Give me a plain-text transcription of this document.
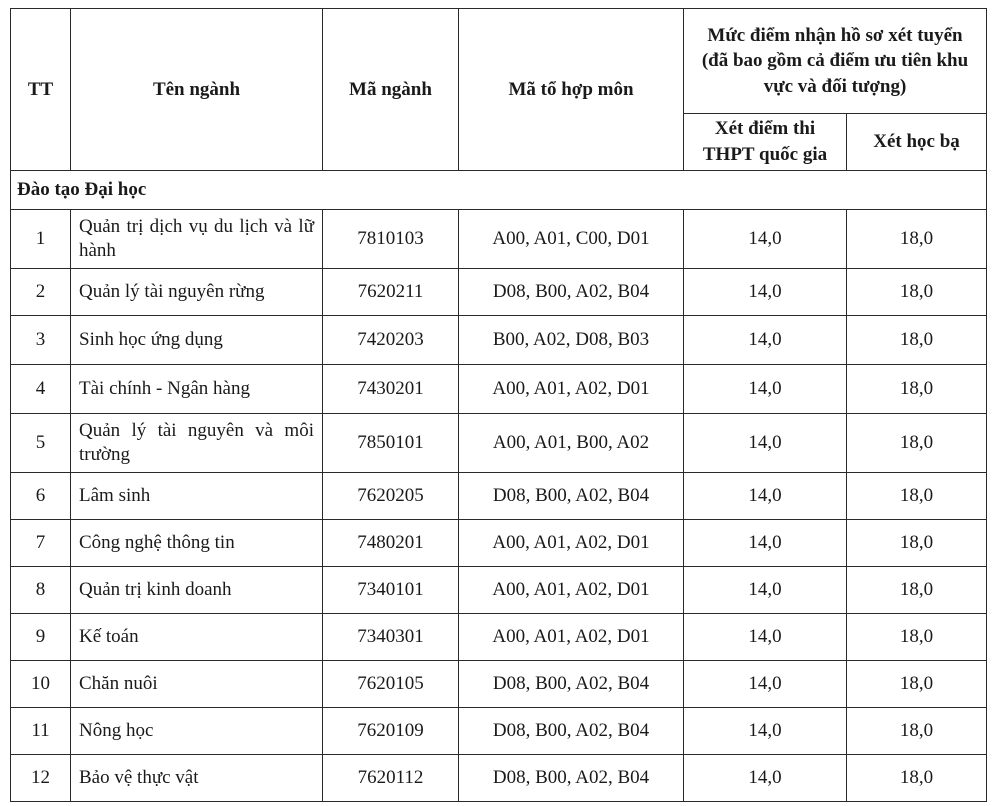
TT	Tên ngành	Mã ngành	Mã tổ hợp môn	Mức điểm nhận hồ sơ xét tuyển (đã bao gồm cả điểm ưu tiên khu vực và đối tượng)	
				Xét điểm thi THPT quốc gia	Xét học bạ
Đào tạo Đại học					
1	Quản trị dịch vụ du lịch và lữ hành	7810103	A00, A01, C00, D01	14,0	18,0
2	Quản lý tài nguyên rừng	7620211	D08, B00, A02, B04	14,0	18,0
3	Sinh học ứng dụng	7420203	B00, A02, D08, B03	14,0	18,0
4	Tài chính - Ngân hàng	7430201	A00, A01, A02, D01	14,0	18,0
5	Quản lý tài nguyên và môi trường	7850101	A00, A01, B00, A02	14,0	18,0
6	Lâm sinh	7620205	D08, B00, A02, B04	14,0	18,0
7	Công nghệ thông tin	7480201	A00, A01, A02, D01	14,0	18,0
8	Quản trị kinh doanh	7340101	A00, A01, A02, D01	14,0	18,0
9	Kế toán	7340301	A00, A01, A02, D01	14,0	18,0
10	Chăn nuôi	7620105	D08, B00, A02, B04	14,0	18,0
11	Nông học	7620109	D08, B00, A02, B04	14,0	18,0
12	Bảo vệ thực vật	7620112	D08, B00, A02, B04	14,0	18,0
